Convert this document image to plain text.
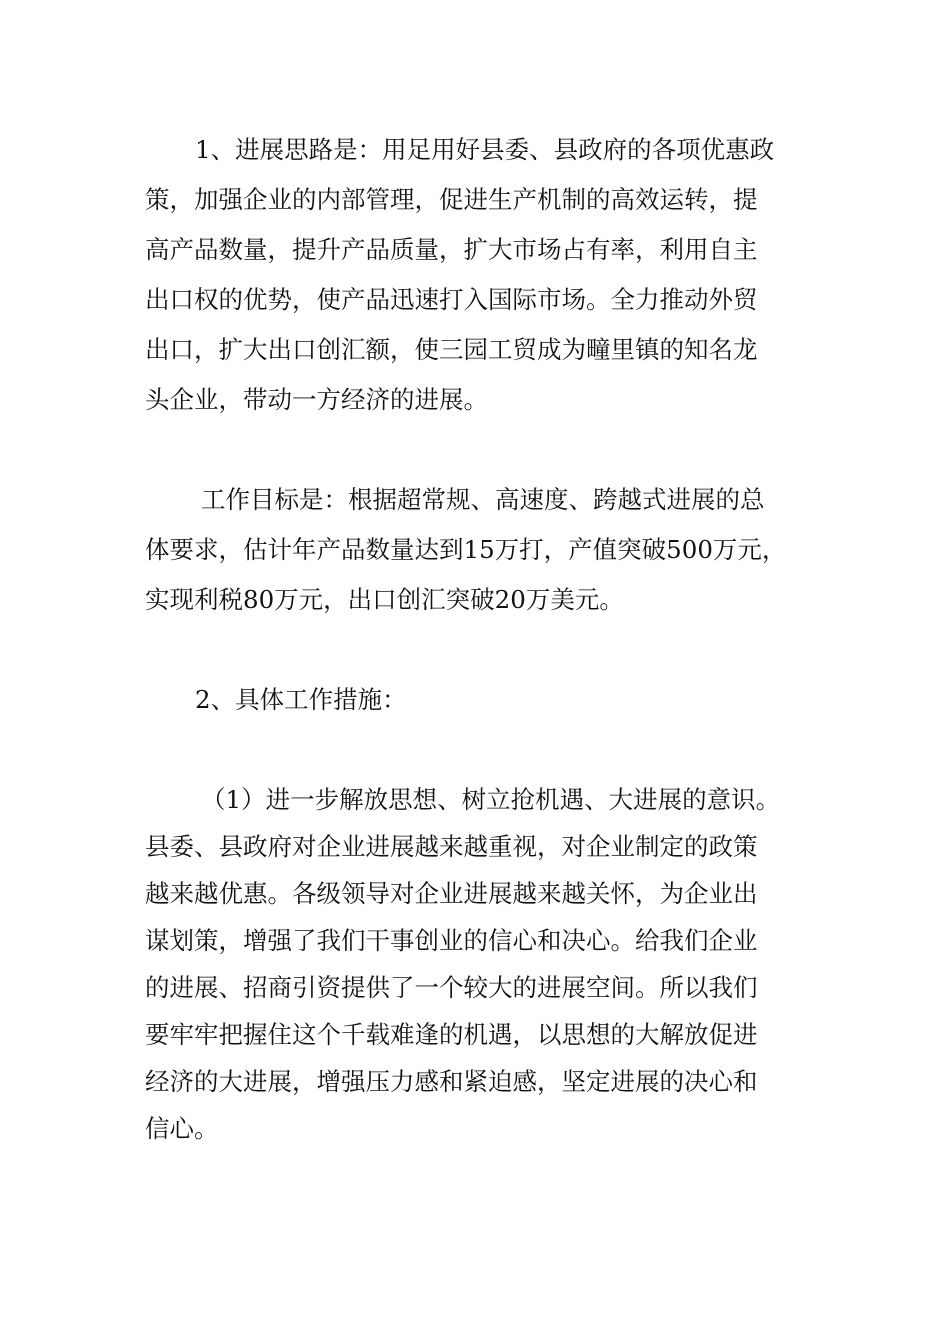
1、进展思路是：用足用好县委、县政府的各项优惠政

策，加强企业的内部管理，促进生产机制的高效运转，提

高产品数量，提升产品质量，扩大市场占有率，利用自主

出口权的优势，使产品迅速打入国际市场。全力推动外贸

出口，扩大出口创汇额，使三园工贸成为疃里镇的知名龙

头企业，带动一方经济的进展。

工作目标是：根据超常规、高速度、跨越式进展的总

体要求，估计年产品数量达到15万打，产值突破500万元，

实现利税80万元，出口创汇突破20万美元。

2、具体工作措施：

（1）进一步解放思想、树立抢机遇、大进展的意识。

县委、县政府对企业进展越来越重视，对企业制定的政策

越来越优惠。各级领导对企业进展越来越关怀，为企业出

谋划策，增强了我们干事创业的信心和决心。给我们企业

的进展、招商引资提供了一个较大的进展空间。所以我们

要牢牢把握住这个千载难逢的机遇，以思想的大解放促进

经济的大进展，增强压力感和紧迫感，坚定进展的决心和

信心。
